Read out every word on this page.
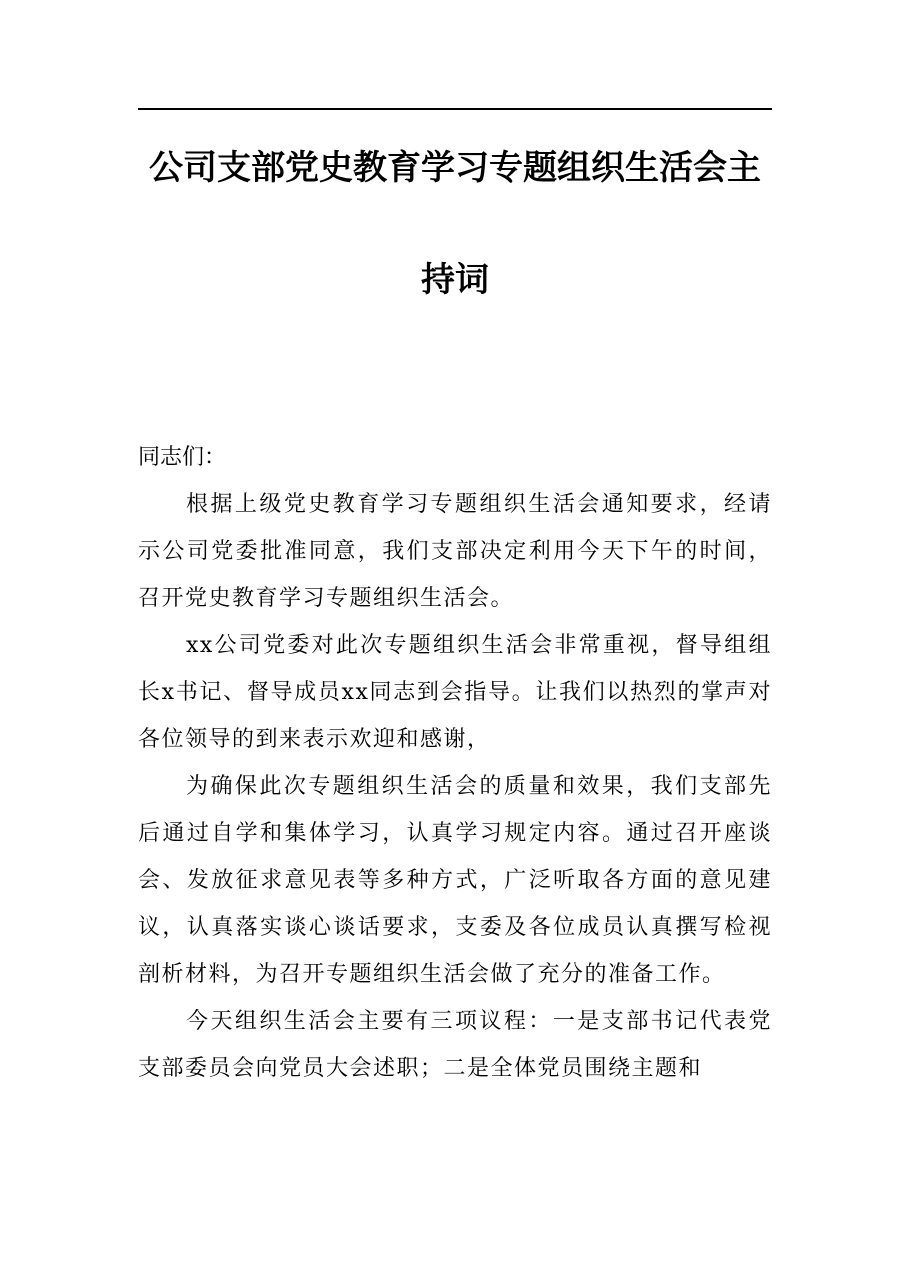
公司支部党史教育学习专题组织生活会主
持词

同志们：

根据上级党史教育学习专题组织生活会通知要求，经请示公司党委批准同意，我们支部决定利用今天下午的时间，召开党史教育学习专题组织生活会。

xx公司党委对此次专题组织生活会非常重视，督导组组长x书记、督导成员xx同志到会指导。让我们以热烈的掌声对各位领导的到来表示欢迎和感谢，

为确保此次专题组织生活会的质量和效果，我们支部先后通过自学和集体学习，认真学习规定内容。通过召开座谈会、发放征求意见表等多种方式，广泛听取各方面的意见建议，认真落实谈心谈话要求，支委及各位成员认真撰写检视剖析材料，为召开专题组织生活会做了充分的准备工作。

今天组织生活会主要有三项议程：一是支部书记代表党支部委员会向党员大会述职；二是全体党员围绕主题和
